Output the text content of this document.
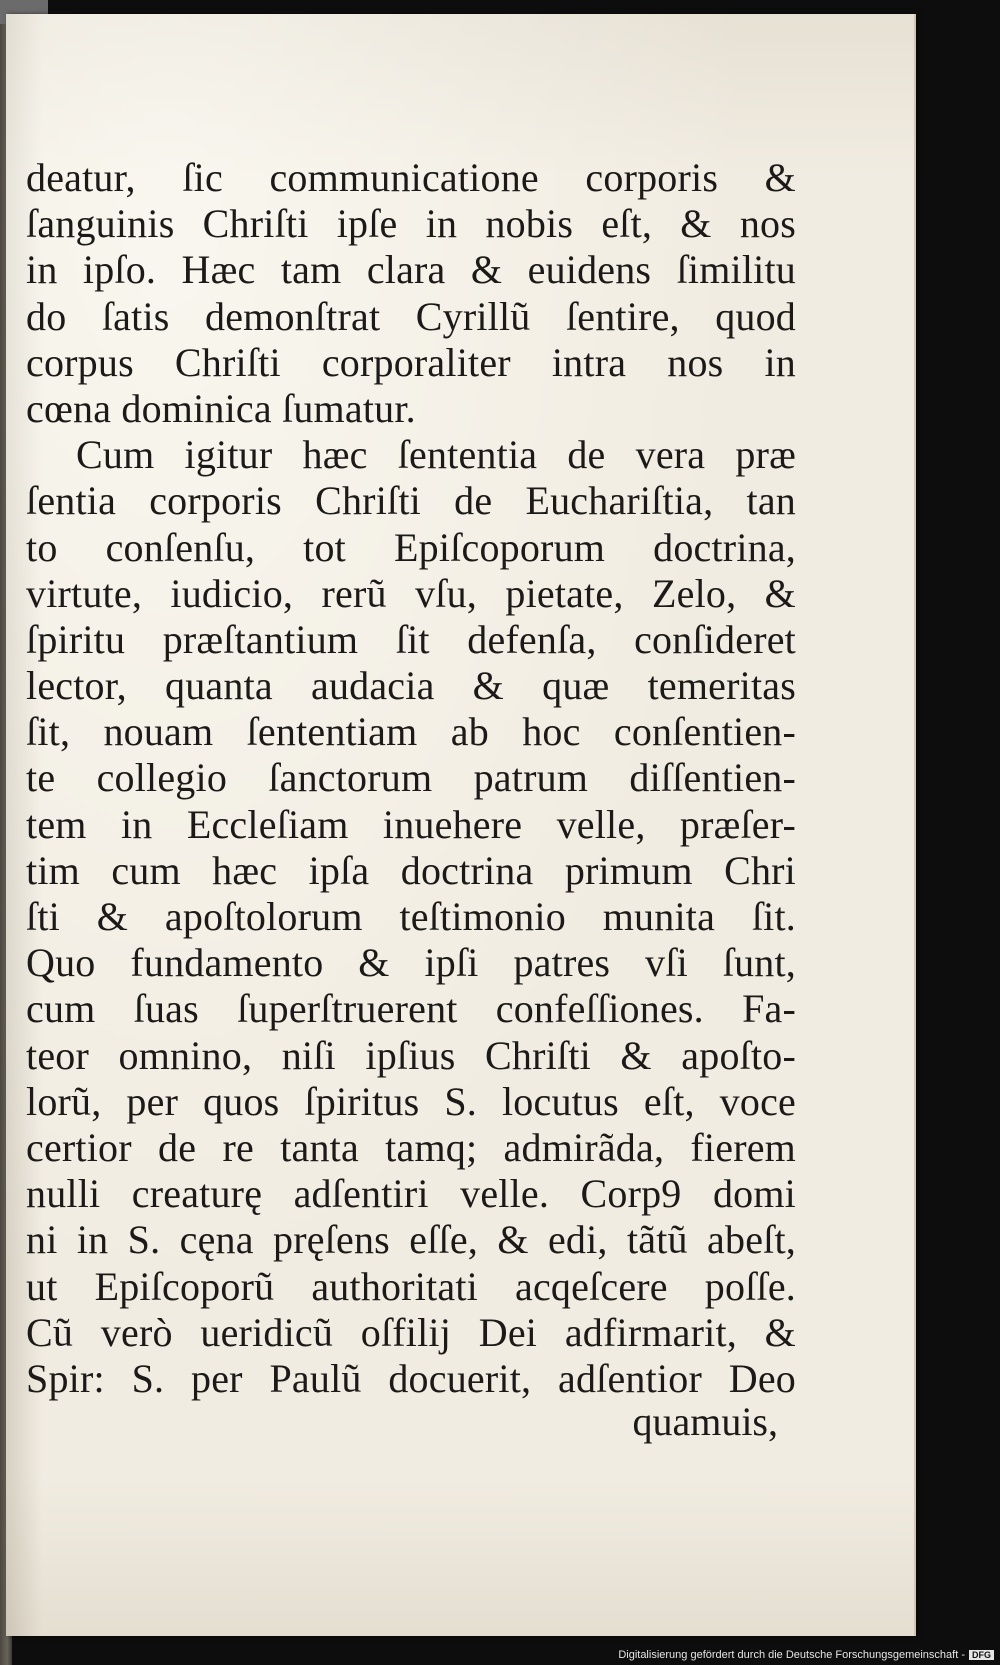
deatur, ſic communicatione corporis &
ſanguinis Chriſti ipſe in nobis eſt, & nos
in ipſo. Hæc tam clara & euidens ſimilitu
do ſatis demonſtrat Cyrillũ ſentire, quod
corpus Chriſti corporaliter intra nos in
cœna dominica ſumatur.
Cum igitur hæc ſententia de vera præ
ſentia corporis Chriſti de Euchariſtia, tan
to conſenſu, tot Epiſcoporum doctrina,
virtute, iudicio, rerũ vſu, pietate, Zelo, &
ſpiritu præſtantium ſit defenſa, conſideret
lector, quanta audacia & quæ temeritas
ſit, nouam ſententiam ab hoc conſentien-
te collegio ſanctorum patrum diſſentien-
tem in Eccleſiam inuehere velle, præſer-
tim cum hæc ipſa doctrina primum Chri
ſti & apoſtolorum teſtimonio munita ſit.
Quo fundamento & ipſi patres vſi ſunt,
cum ſuas ſuperſtruerent confeſſiones. Fa-
teor omnino, niſi ipſius Chriſti & apoſto-
lorũ, per quos ſpiritus S. locutus eſt, voce
certior de re tanta tamq; admirãda, fierem
nulli creaturę adſentiri velle. Corp9 domi
ni in S. cęna pręſens eſſe, & edi, tãtũ abeſt,
ut Epiſcoporũ authoritati acqeſcere poſſe.
Cũ verò ueridicũ oſfilij Dei adfirmarit, &
Spir: S. per Paulũ docuerit, adſentior Deo
quamuis,
Digitalisierung gefördert durch die Deutsche Forschungsgemeinschaft - DFG
